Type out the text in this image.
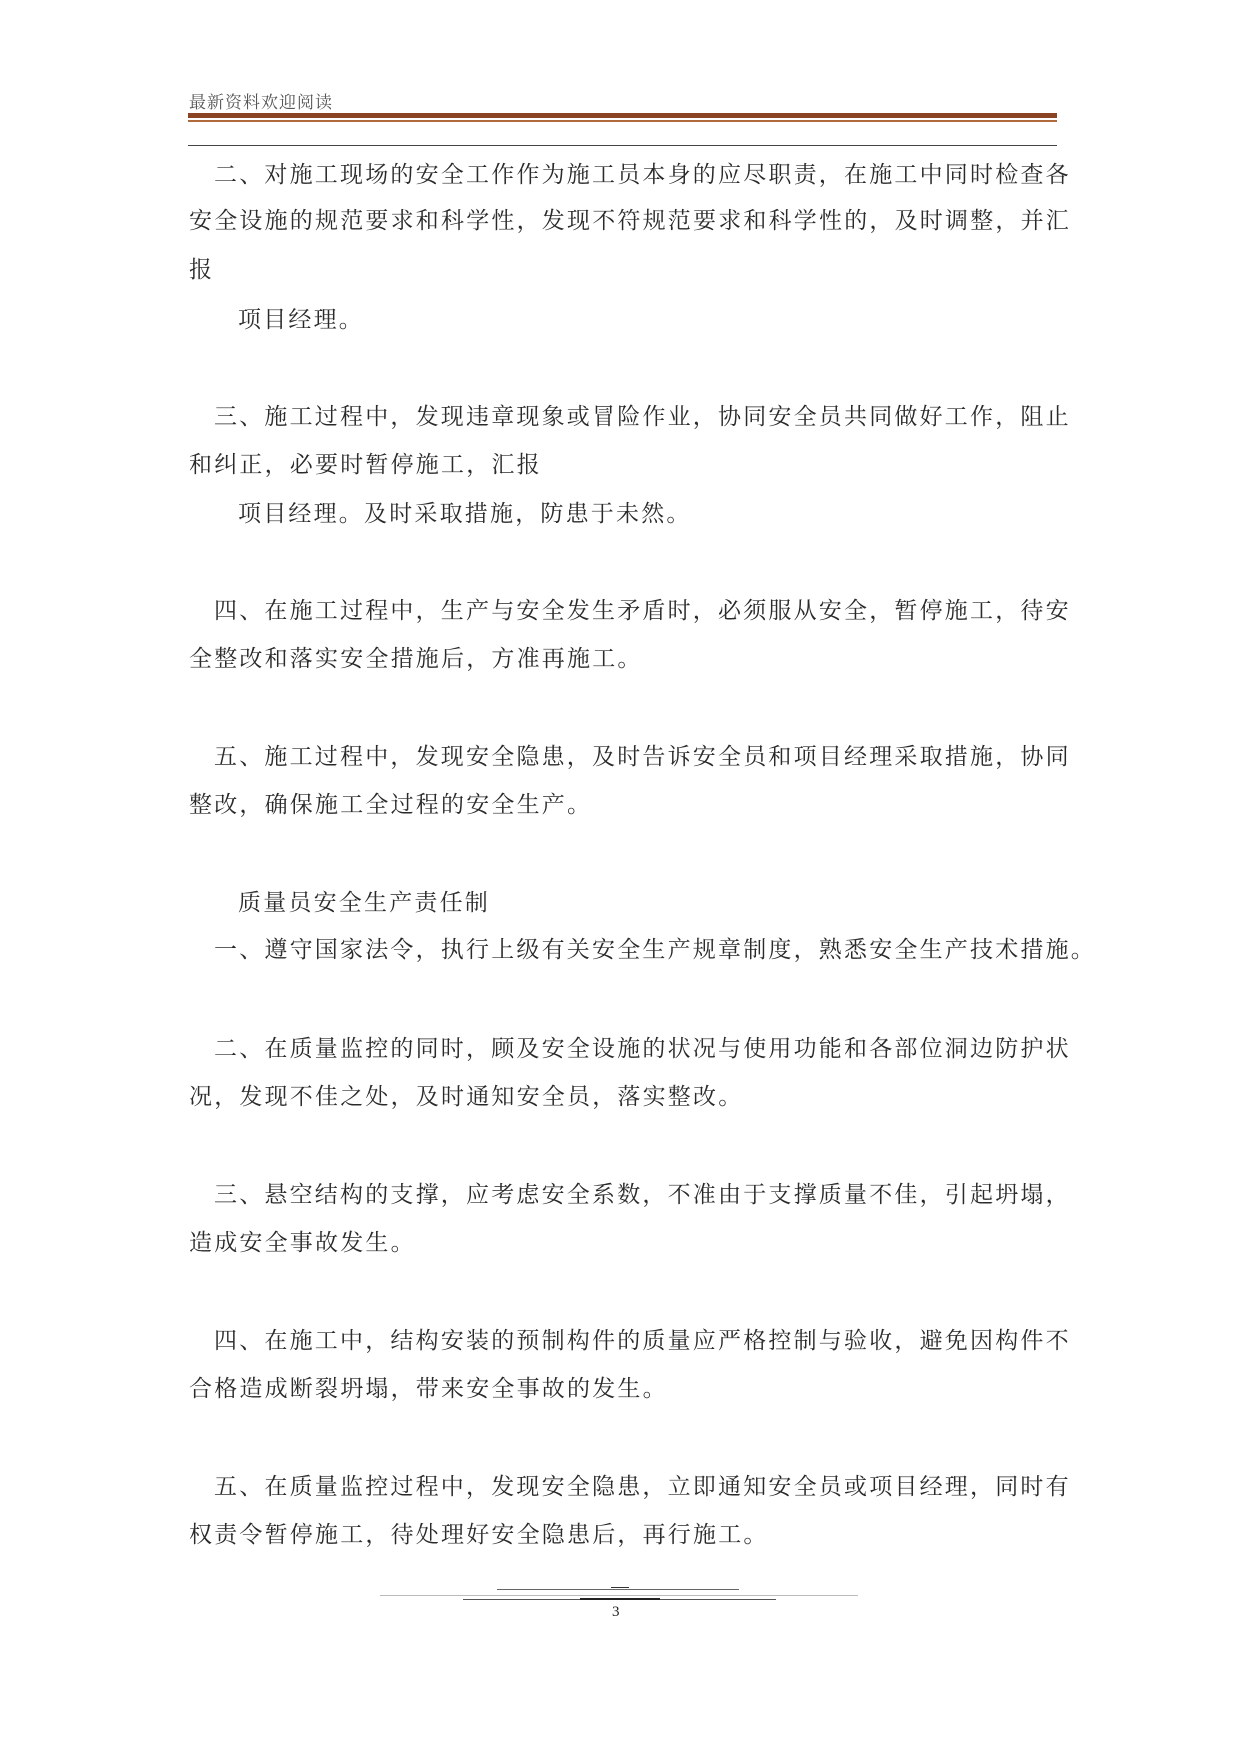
最新资料欢迎阅读
二、对施工现场的安全工作作为施工员本身的应尽职责，在施工中同时检查各
安全设施的规范要求和科学性，发现不符规范要求和科学性的，及时调整，并汇
报
项目经理。
三、施工过程中，发现违章现象或冒险作业，协同安全员共同做好工作，阻止
和纠正，必要时暂停施工，汇报
项目经理。及时采取措施，防患于未然。
四、在施工过程中，生产与安全发生矛盾时，必须服从安全，暂停施工，待安
全整改和落实安全措施后，方准再施工。
五、施工过程中，发现安全隐患，及时告诉安全员和项目经理采取措施，协同
整改，确保施工全过程的安全生产。
质量员安全生产责任制
一、遵守国家法令，执行上级有关安全生产规章制度，熟悉安全生产技术措施。
二、在质量监控的同时，顾及安全设施的状况与使用功能和各部位洞边防护状
况，发现不佳之处，及时通知安全员，落实整改。
三、悬空结构的支撑，应考虑安全系数，不准由于支撑质量不佳，引起坍塌，
造成安全事故发生。
四、在施工中，结构安装的预制构件的质量应严格控制与验收，避免因构件不
合格造成断裂坍塌，带来安全事故的发生。
五、在质量监控过程中，发现安全隐患，立即通知安全员或项目经理，同时有
权责令暂停施工，待处理好安全隐患后，再行施工。
3
